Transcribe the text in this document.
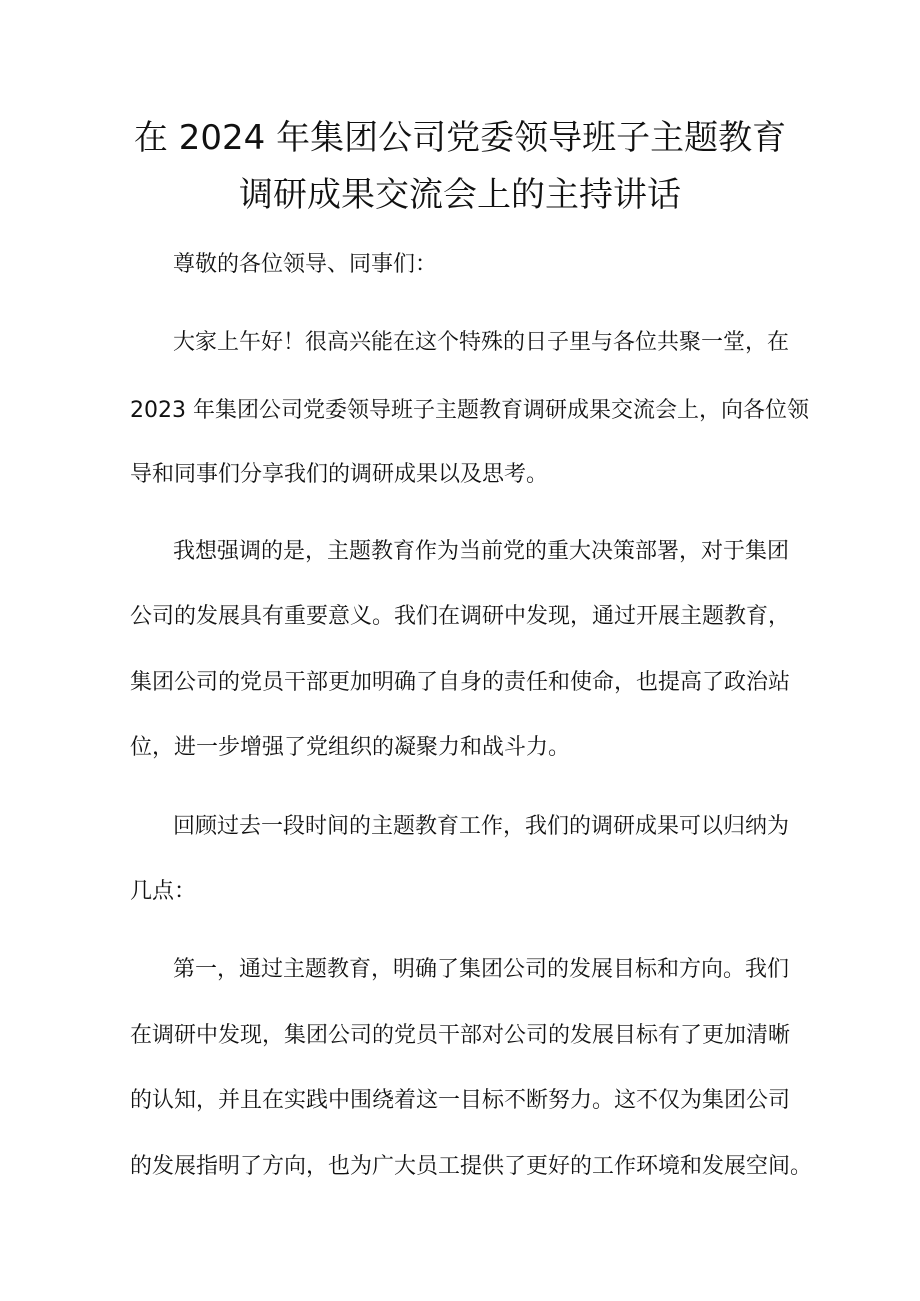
在 2024 年集团公司党委领导班子主题教育
调研成果交流会上的主持讲话

尊敬的各位领导、同事们：

大家上午好！很高兴能在这个特殊的日子里与各位共聚一堂，在

2023 年集团公司党委领导班子主题教育调研成果交流会上，向各位领

导和同事们分享我们的调研成果以及思考。

我想强调的是，主题教育作为当前党的重大决策部署，对于集团

公司的发展具有重要意义。我们在调研中发现，通过开展主题教育，

集团公司的党员干部更加明确了自身的责任和使命，也提高了政治站

位，进一步增强了党组织的凝聚力和战斗力。

回顾过去一段时间的主题教育工作，我们的调研成果可以归纳为

几点：

第一，通过主题教育，明确了集团公司的发展目标和方向。我们

在调研中发现，集团公司的党员干部对公司的发展目标有了更加清晰

的认知，并且在实践中围绕着这一目标不断努力。这不仅为集团公司

的发展指明了方向，也为广大员工提供了更好的工作环境和发展空间。
